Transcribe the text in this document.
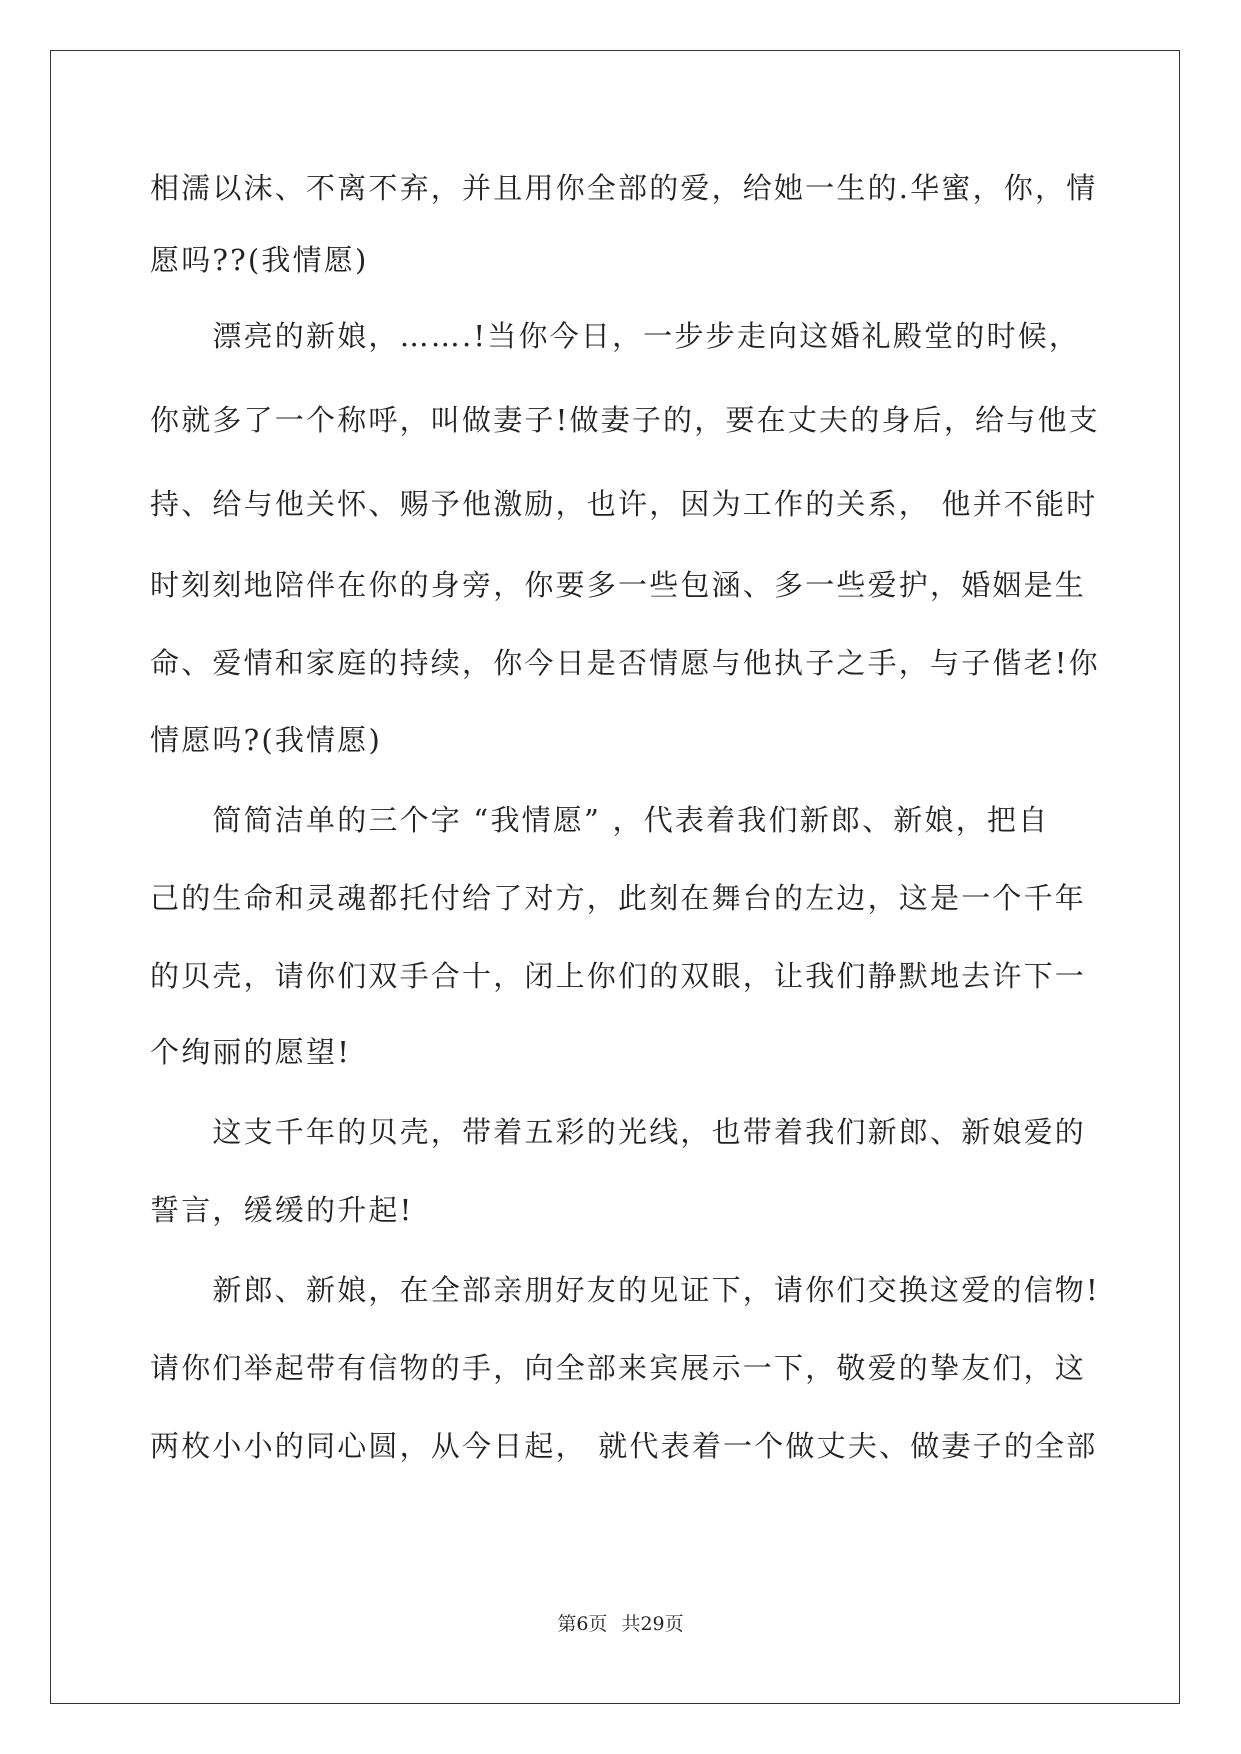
相濡以沫、不离不弃，并且用你全部的爱，给她一生的.华蜜，你，情
愿吗??(我情愿)
　　漂亮的新娘，…….!当你今日，一步步走向这婚礼殿堂的时候，
你就多了一个称呼，叫做妻子!做妻子的，要在丈夫的身后，给与他支
持、给与他关怀、赐予他激励，也许，因为工作的关系， 他并不能时
时刻刻地陪伴在你的身旁，你要多一些包涵、多一些爱护，婚姻是生
命、爱情和家庭的持续，你今日是否情愿与他执子之手，与子偕老!你
情愿吗?(我情愿)
　　简简洁单的三个字 “我情愿” ，代表着我们新郎、新娘，把自
己的生命和灵魂都托付给了对方，此刻在舞台的左边，这是一个千年
的贝壳，请你们双手合十，闭上你们的双眼，让我们静默地去许下一
个绚丽的愿望!
　　这支千年的贝壳，带着五彩的光线，也带着我们新郎、新娘爱的
誓言，缓缓的升起!
　　新郎、新娘，在全部亲朋好友的见证下，请你们交换这爱的信物!
请你们举起带有信物的手，向全部来宾展示一下，敬爱的挚友们，这
两枚小小的同心圆，从今日起， 就代表着一个做丈夫、做妻子的全部
第6页 共29页
